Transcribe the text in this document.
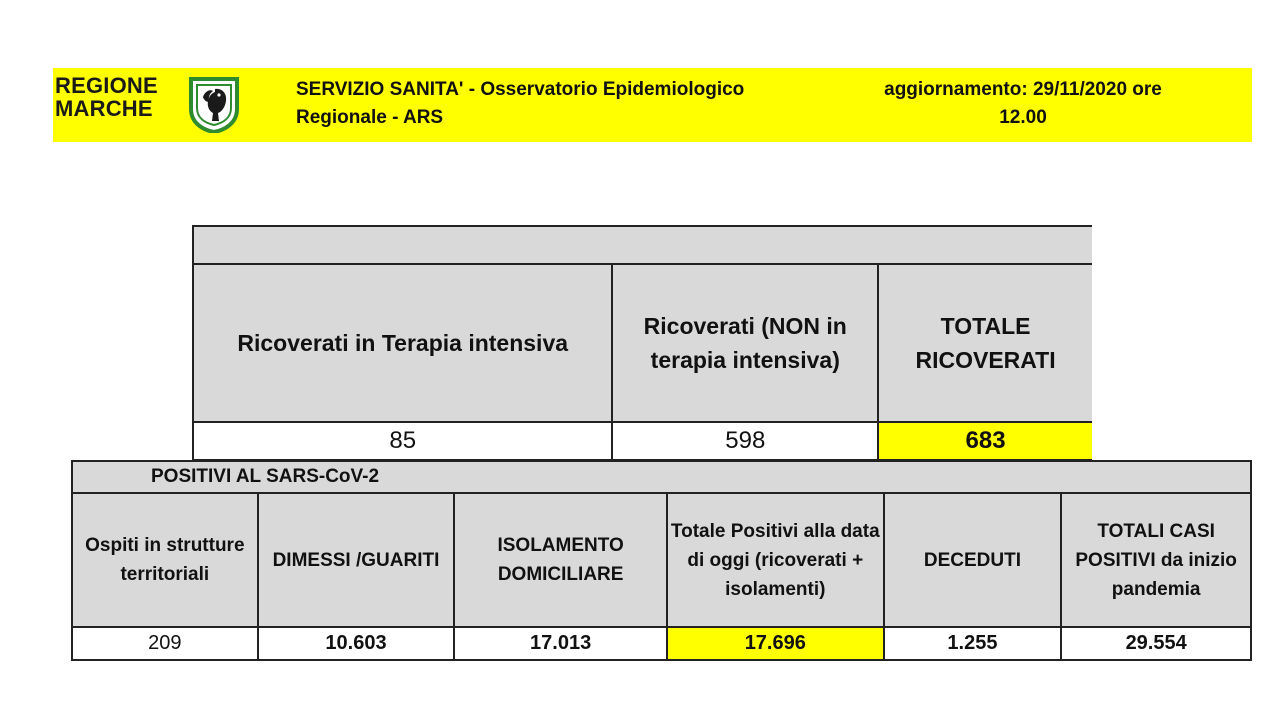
REGIONE
MARCHE
SERVIZIO SANITA' - Osservatorio Epidemiologico Regionale - ARS
aggiornamento: 29/11/2020 ore 12.00

Ricoverati in Terapia intensiva	Ricoverati (NON in terapia intensiva)	TOTALE RICOVERATI
85	598	683
POSITIVI AL SARS-CoV-2					
Ospiti in strutture territoriali	DIMESSI /GUARITI	ISOLAMENTO DOMICILIARE	Totale Positivi alla data di oggi (ricoverati + isolamenti)	DECEDUTI	TOTALI CASI POSITIVI da inizio pandemia
209	10.603	17.013	17.696	1.255	29.554
